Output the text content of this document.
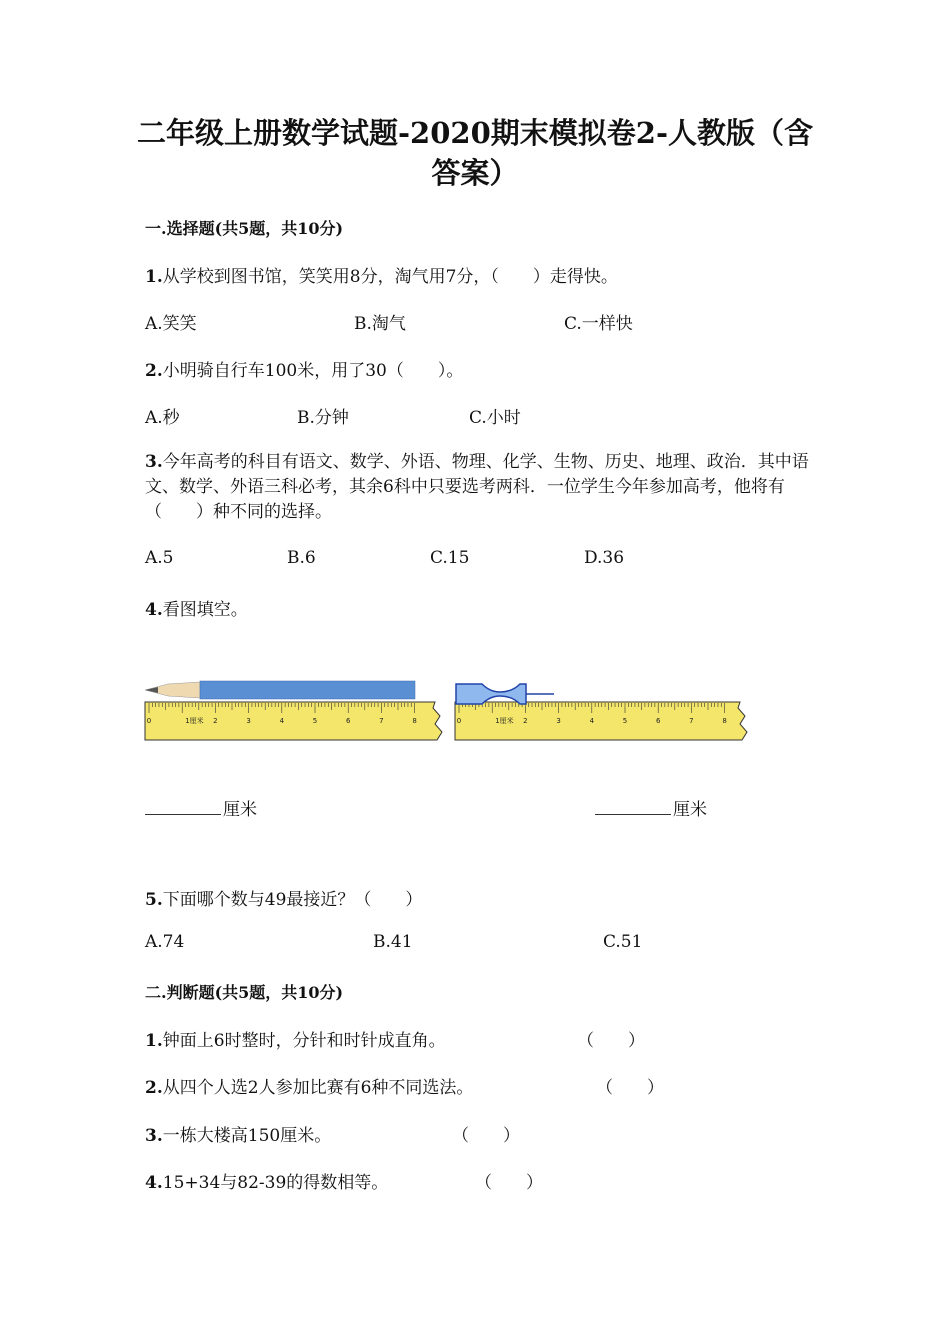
二年级上册数学试题-2020期末模拟卷2-人教版（含
答案）
一.选择题(共5题，共10分)
1.从学校到图书馆，笑笑用8分，淘气用7分，（　　）走得快。
A.笑笑	B.淘气	C.一样快
2.小明骑自行车100米，用了30（　　）。
A.秒	B.分钟	C.小时
3.今年高考的科目有语文、数学、外语、物理、化学、生物、历史、地理、政治．其中语文、数学、外语三科必考，其余6科中只要选考两科．一位学生今年参加高考，他将有（　　）种不同的选择。
A.5	B.6	C.15	D.36
4.看图填空。
0	1厘米 2	3	4	5	6	7	8	0	1厘米 2	3	4	5	6	7	8
厘米	厘米
5.下面哪个数与49最接近？（　　）
A.74	B.41	C.51
二.判断题(共5题，共10分)
1.钟面上6时整时，分针和时针成直角。	（　　）
2.从四个人选2人参加比赛有6种不同选法。	（　　）
3.一栋大楼高150厘米。	（　　）
4.15+34与82-39的得数相等。	（　　）
